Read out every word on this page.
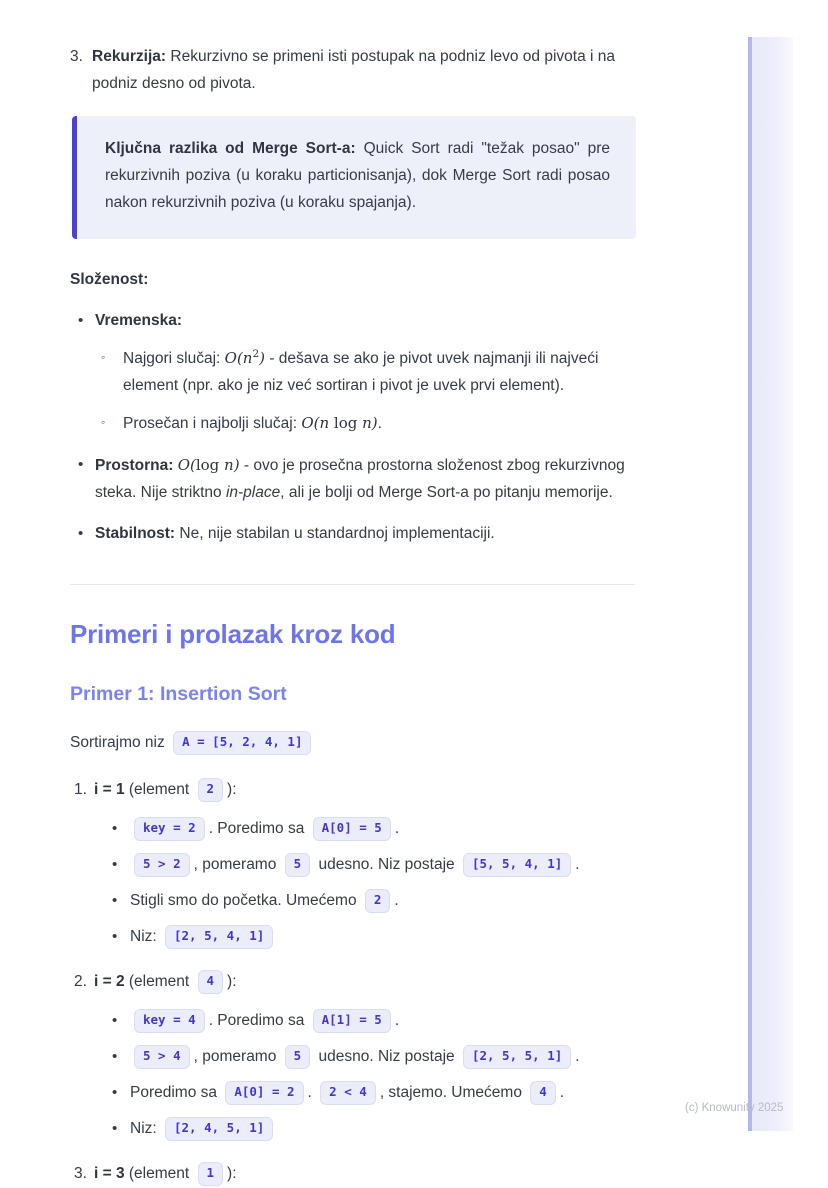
3. Rekurzija: Rekurzivno se primeni isti postupak na podniz levo od pivota i na podniz desno od pivota.

Ključna razlika od Merge Sort-a: Quick Sort radi "težak posao" pre rekurzivnih poziva (u koraku particionisanja), dok Merge Sort radi posao nakon rekurzivnih poziva (u koraku spajanja).

Složenost:

• Vremenska:
◦	Najgori slučaj: $O(n^2)$ - dešava se ako je pivot uvek najmanji ili najveći element (npr. ako je niz već sortiran i pivot je uvek prvi element).
◦	Prosečan i najbolji slučaj: O(n log n).
• Prostorna: O(log n) - ovo je prosečna prostorna složenost zbog rekurzivnog steka. Nije striktno in-place, ali je bolji od Merge Sort-a po pitanju memorije.
• Stabilnost: Ne, nije stabilan u standardnoj implementaciji.
Primeri i prolazak kroz kod
Primer 1: Insertion Sort

Sortirajmo niz A = [5, 2, 4, 1]

1. i = 1 (element 2 ):
•	key = 2 . Poredimo sa A[0] = 5 .
•	5 > 2 , pomeramo 5 udesno. Niz postaje [5, 5, 4, 1] .
• Stigli smo do početka. Umećemo 2 .
• Niz: [2, 5, 4, 1]
2. i = 2 (element 4 ):
•	key = 4 . Poredimo sa A[1] = 5 .
•	5 > 4 , pomeramo 5 udesno. Niz postaje [2, 5, 5, 1] .
• Poredimo sa A[0] = 2 . 2 < 4 , stajemo. Umećemo 4 .
• Niz: [2, 4, 5, 1]
3. i = 3 (element 1 ):
(c) Knowunity 2025
